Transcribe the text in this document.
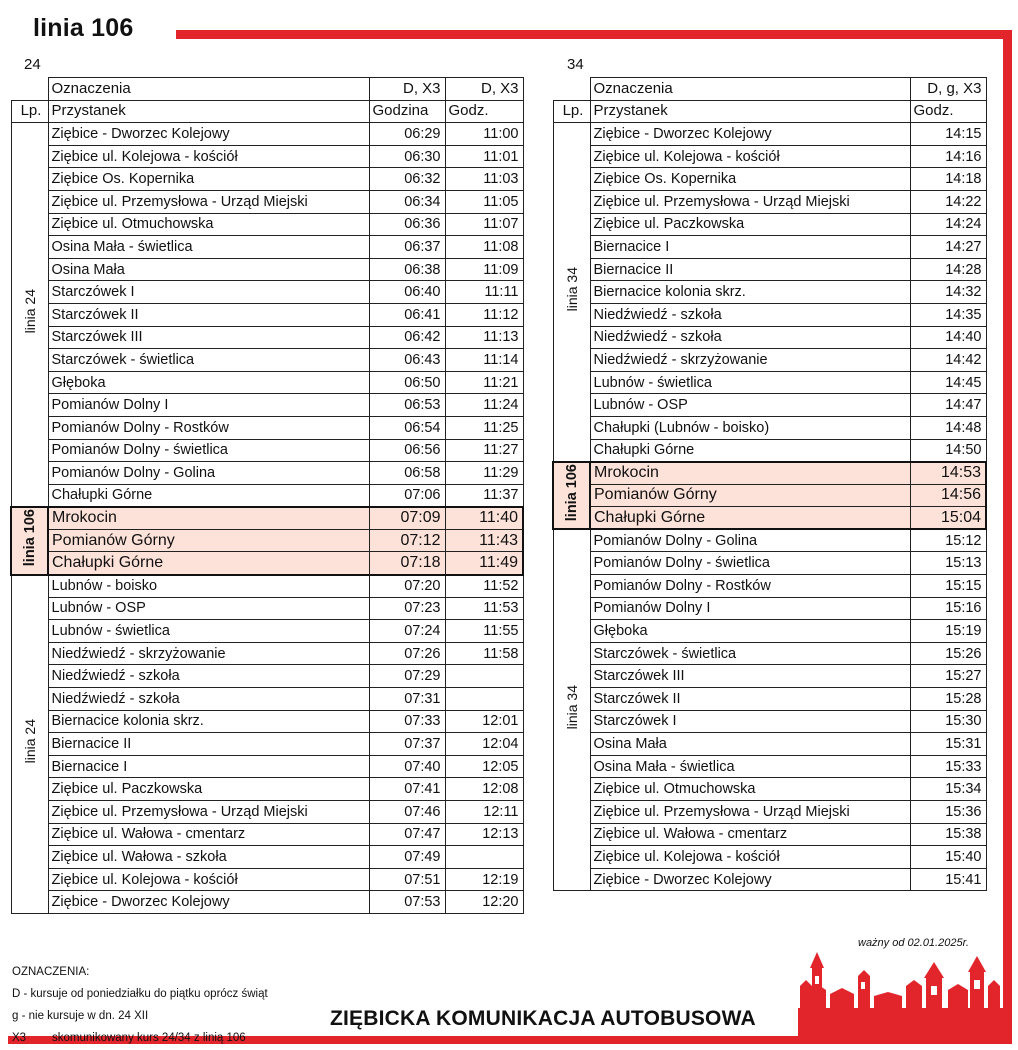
linia 106
24	34
	Oznaczenia	D, X3	D, X3
Lp.	Przystanek	Godzina	Godz.
linia 24	Ziębice - Dworzec Kolejowy	06:29	11:00
	Ziębice ul. Kolejowa - kościół	06:30	11:01
	Ziębice Os. Kopernika	06:32	11:03
	Ziębice ul. Przemysłowa - Urząd Miejski	06:34	11:05
	Ziębice ul. Otmuchowska	06:36	11:07
	Osina Mała - świetlica	06:37	11:08
	Osina Mała	06:38	11:09
	Starczówek I	06:40	11:11
	Starczówek II	06:41	11:12
	Starczówek III	06:42	11:13
	Starczówek - świetlica	06:43	11:14
	Głęboka	06:50	11:21
	Pomianów Dolny I	06:53	11:24
	Pomianów Dolny - Rostków	06:54	11:25
	Pomianów Dolny - świetlica	06:56	11:27
	Pomianów Dolny - Golina	06:58	11:29
	Chałupki Górne	07:06	11:37
linia 106	Mrokocin	07:09	11:40
	Pomianów Górny	07:12	11:43
	Chałupki Górne	07:18	11:49
linia 24	Lubnów - boisko	07:20	11:52
	Lubnów - OSP	07:23	11:53
	Lubnów - świetlica	07:24	11:55
	Niedźwiedź - skrzyżowanie	07:26	11:58
	Niedźwiedź - szkoła	07:29	
	Niedźwiedź - szkoła	07:31	
	Biernacice kolonia skrz.	07:33	12:01
	Biernacice II	07:37	12:04
	Biernacice I	07:40	12:05
	Ziębice ul. Paczkowska	07:41	12:08
	Ziębice ul. Przemysłowa - Urząd Miejski	07:46	12:11
	Ziębice ul. Wałowa - cmentarz	07:47	12:13
	Ziębice ul. Wałowa - szkoła	07:49	
	Ziębice ul. Kolejowa - kościół	07:51	12:19
	Ziębice - Dworzec Kolejowy	07:53	12:20
	Oznaczenia	D, g, X3
Lp.	Przystanek	Godz.
linia 34	Ziębice - Dworzec Kolejowy	14:15
	Ziębice ul. Kolejowa - kościół	14:16
	Ziębice Os. Kopernika	14:18
	Ziębice ul. Przemysłowa - Urząd Miejski	14:22
	Ziębice ul. Paczkowska	14:24
	Biernacice I	14:27
	Biernacice II	14:28
	Biernacice kolonia skrz.	14:32
	Niedźwiedź - szkoła	14:35
	Niedźwiedź - szkoła	14:40
	Niedźwiedź - skrzyżowanie	14:42
	Lubnów - świetlica	14:45
	Lubnów - OSP	14:47
	Chałupki (Lubnów - boisko)	14:48
	Chałupki Górne	14:50
linia 106	Mrokocin	14:53
	Pomianów Górny	14:56
	Chałupki Górne	15:04
linia 34	Pomianów Dolny - Golina	15:12
	Pomianów Dolny - świetlica	15:13
	Pomianów Dolny - Rostków	15:15
	Pomianów Dolny I	15:16
	Głęboka	15:19
	Starczówek - świetlica	15:26
	Starczówek III	15:27
	Starczówek II	15:28
	Starczówek I	15:30
	Osina Mała	15:31
	Osina Mała - świetlica	15:33
	Ziębice ul. Otmuchowska	15:34
	Ziębice ul. Przemysłowa - Urząd Miejski	15:36
	Ziębice ul. Wałowa - cmentarz	15:38
	Ziębice ul. Kolejowa - kościół	15:40
	Ziębice - Dworzec Kolejowy	15:41
ważny od 02.01.2025r.
OZNACZENIA:
D - kursuje od poniedziałku do piątku oprócz świąt
g - nie kursuje w dn. 24 XII
X3 skomunikowany kurs 24/34 z linią 106
ZIĘBICKA KOMUNIKACJA AUTOBUSOWA
